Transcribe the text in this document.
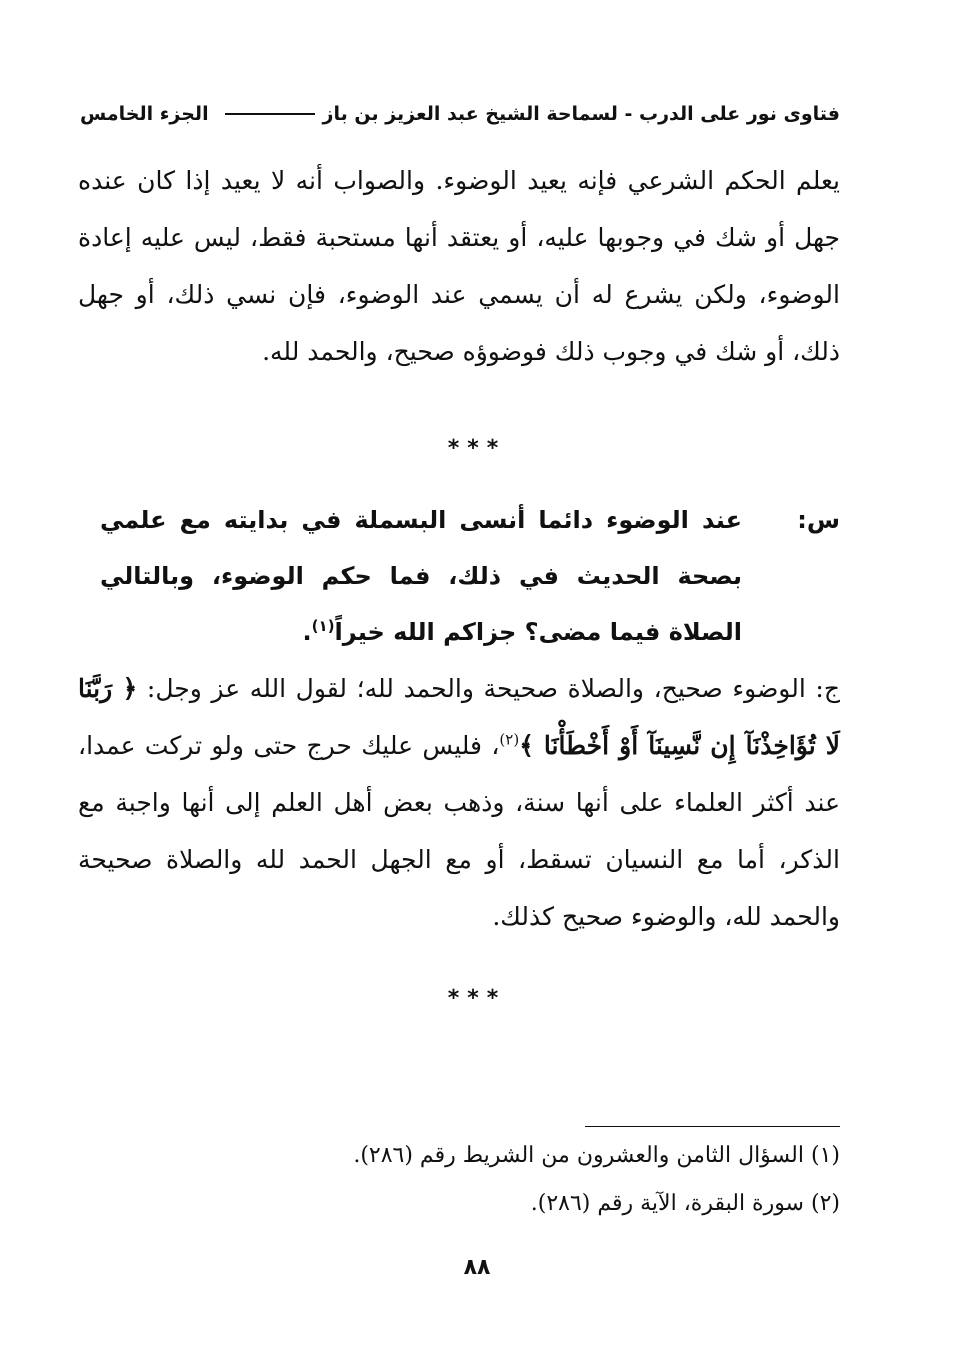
فتاوى نور على الدرب - لسماحة الشيخ عبد العزيز بن باز
الجزء الخامس

يعلم الحكم الشرعي فإنه يعيد الوضوء. والصواب أنه لا يعيد إذا كان عنده جهل أو شك في وجوبها عليه، أو يعتقد أنها مستحبة فقط، ليس عليه إعادة الوضوء، ولكن يشرع له أن يسمي عند الوضوء، فإن نسي ذلك، أو جهل ذلك، أو شك في وجوب ذلك فوضوؤه صحيح، والحمد لله.

***
س:
عند الوضوء دائما أنسى البسملة في بدايته مع علمي بصحة الحديث في ذلك، فما حكم الوضوء، وبالتالي الصلاة فيما مضى؟ جزاكم الله خيراً$^{(١)}$.

ج: الوضوء صحيح، والصلاة صحيحة والحمد لله؛ لقول الله عز وجل: ﴿ رَبَّنَا لَا تُؤَاخِذْنَآ إِن نَّسِينَآ أَوْ أَخْطَأْنَا ﴾$^{(٢)}$، فليس عليك حرج حتى ولو تركت عمدا، عند أكثر العلماء على أنها سنة، وذهب بعض أهل العلم إلى أنها واجبة مع الذكر، أما مع النسيان تسقط، أو مع الجهل الحمد لله والصلاة صحيحة والحمد لله، والوضوء صحيح كذلك.

***
(١) السؤال الثامن والعشرون من الشريط رقم (٢٨٦).
(٢) سورة البقرة، الآية رقم (٢٨٦).
٨٨
